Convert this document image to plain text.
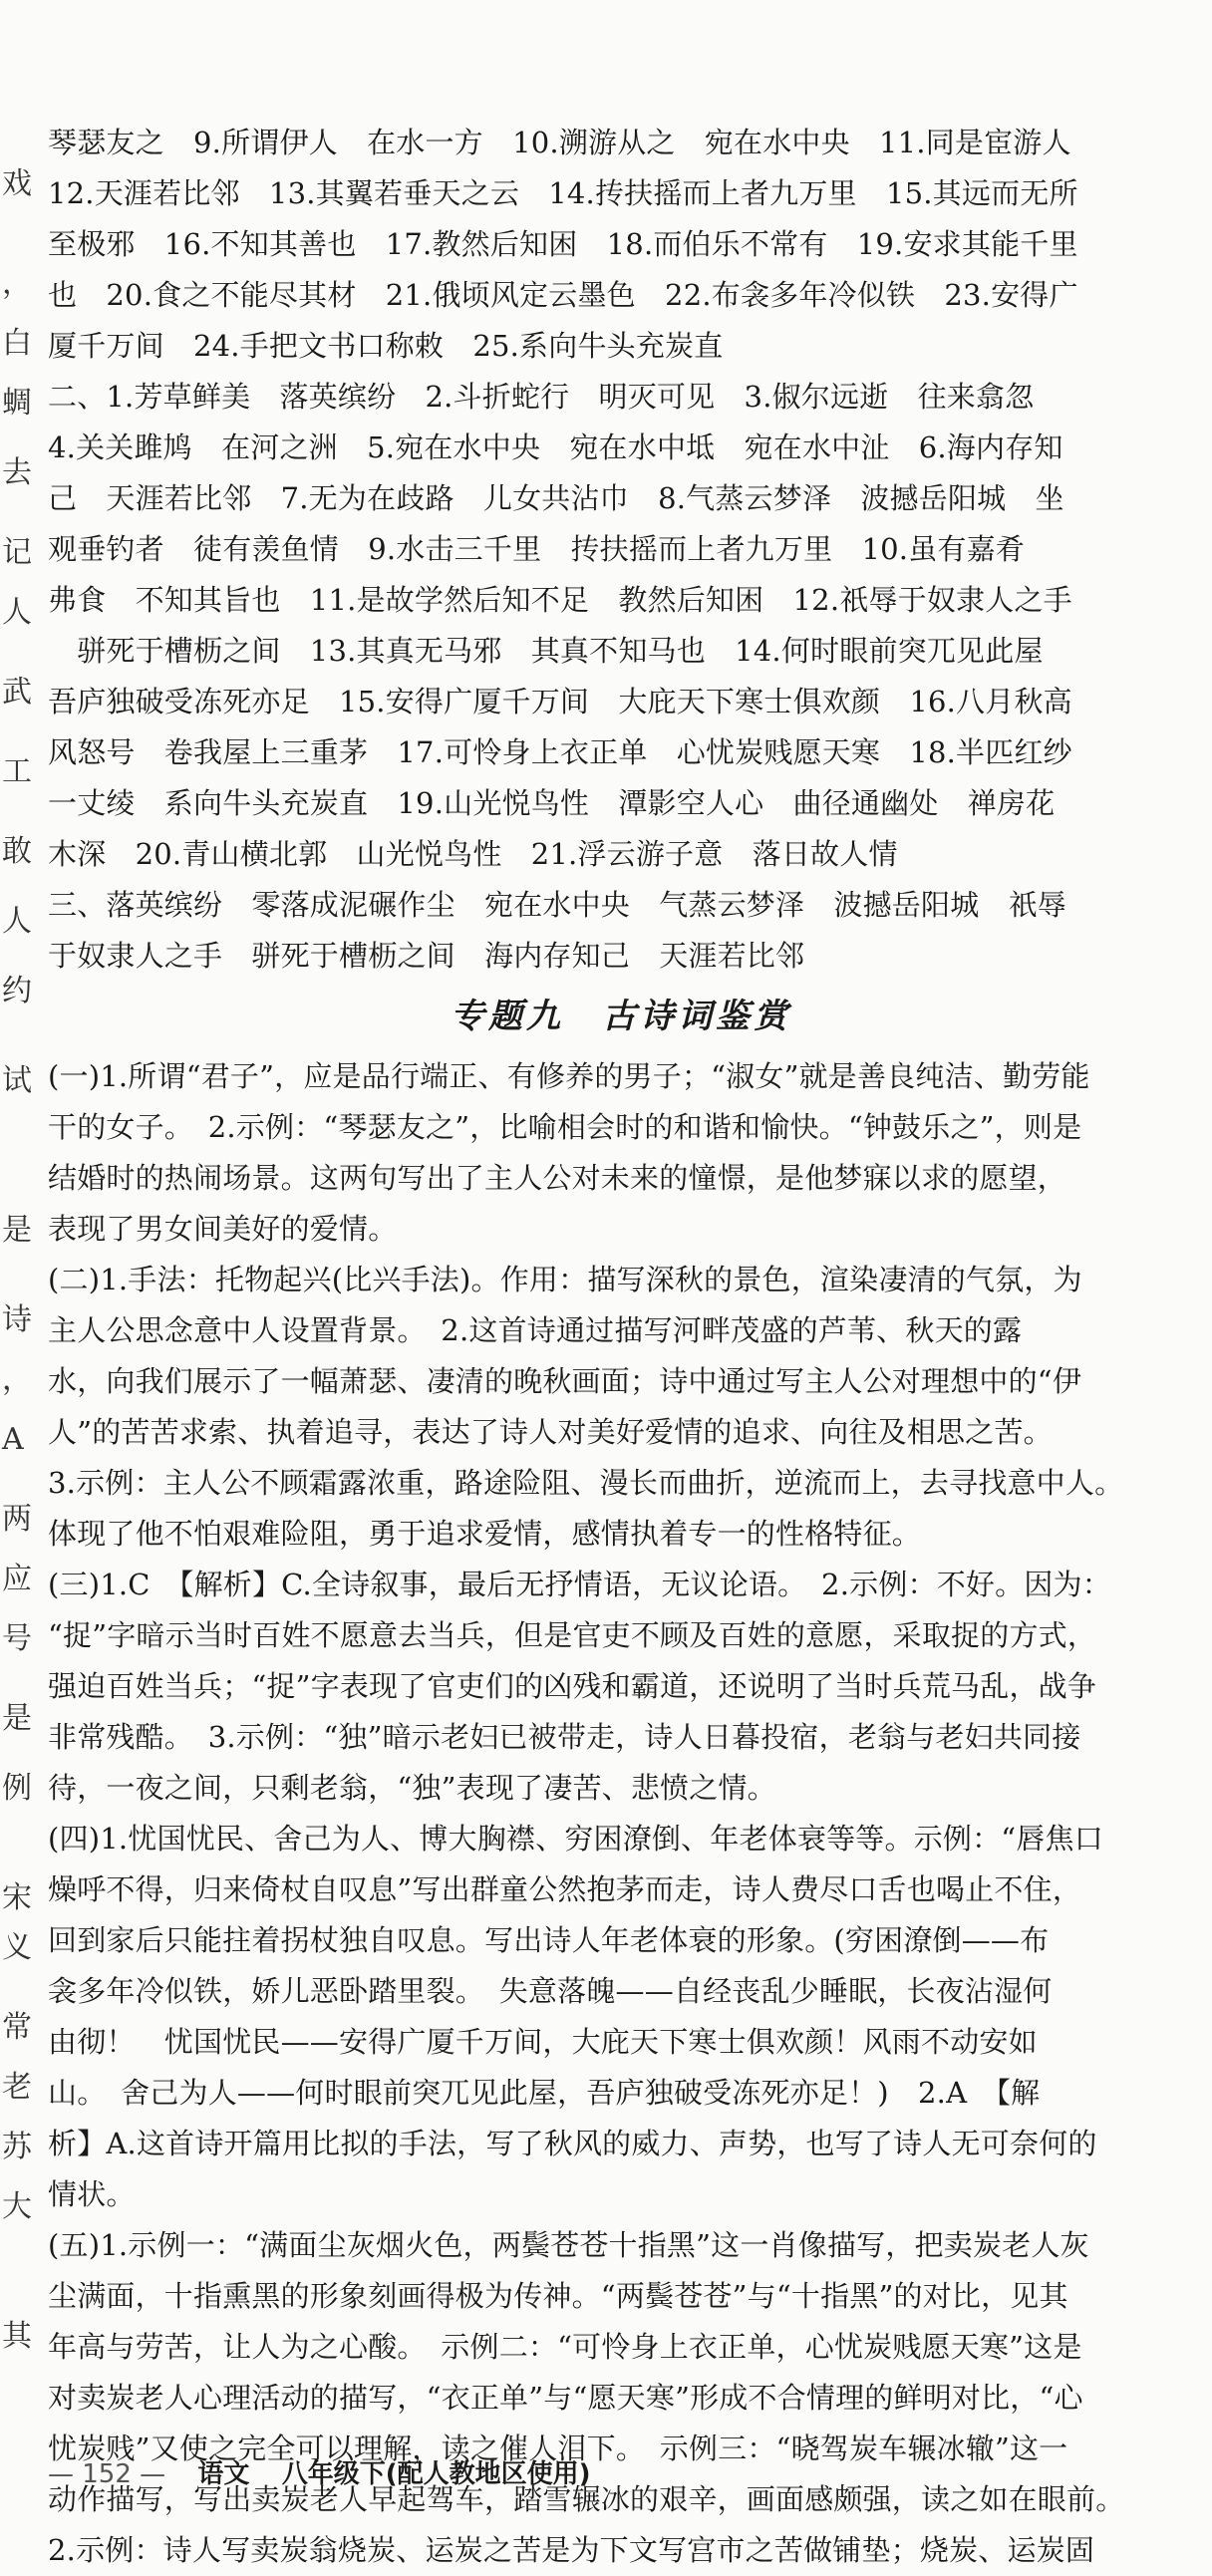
戏
，
白
蜩
去
记
人
武
工
敢
人
约
试
是
诗
，
A
两
应
号
是
例
宋
义
常
老
苏
大
其
琴瑟友之　9.所谓伊人　在水一方　10.溯游从之　宛在水中央　11.同是宦游人
12.天涯若比邻　13.其翼若垂天之云　14.抟扶摇而上者九万里　15.其远而无所
至极邪　16.不知其善也　17.教然后知困　18.而伯乐不常有　19.安求其能千里
也　20.食之不能尽其材　21.俄顷风定云墨色　22.布衾多年冷似铁　23.安得广
厦千万间　24.手把文书口称敕　25.系向牛头充炭直
二、1.芳草鲜美　落英缤纷　2.斗折蛇行　明灭可见　3.俶尔远逝　往来翕忽
4.关关雎鸠　在河之洲　5.宛在水中央　宛在水中坻　宛在水中沚　6.海内存知
己　天涯若比邻　7.无为在歧路　儿女共沾巾　8.气蒸云梦泽　波撼岳阳城　坐
观垂钓者　徒有羡鱼情　9.水击三千里　抟扶摇而上者九万里　10.虽有嘉肴
弗食　不知其旨也　11.是故学然后知不足　教然后知困　12.祇辱于奴隶人之手
　骈死于槽枥之间　13.其真无马邪　其真不知马也　14.何时眼前突兀见此屋
吾庐独破受冻死亦足　15.安得广厦千万间　大庇天下寒士俱欢颜　16.八月秋高
风怒号　卷我屋上三重茅　17.可怜身上衣正单　心忧炭贱愿天寒　18.半匹红纱
一丈绫　系向牛头充炭直　19.山光悦鸟性　潭影空人心　曲径通幽处　禅房花
木深　20.青山横北郭　山光悦鸟性　21.浮云游子意　落日故人情
三、落英缤纷　零落成泥碾作尘　宛在水中央　气蒸云梦泽　波撼岳阳城　祇辱
于奴隶人之手　骈死于槽枥之间　海内存知己　天涯若比邻
专题九　古诗词鉴赏
(一)1.所谓“君子”，应是品行端正、有修养的男子；“淑女”就是善良纯洁、勤劳能
干的女子。　2.示例：“琴瑟友之”，比喻相会时的和谐和愉快。“钟鼓乐之”，则是
结婚时的热闹场景。这两句写出了主人公对未来的憧憬，是他梦寐以求的愿望，
表现了男女间美好的爱情。
(二)1.手法：托物起兴(比兴手法)。作用：描写深秋的景色，渲染凄清的气氛，为
主人公思念意中人设置背景。　2.这首诗通过描写河畔茂盛的芦苇、秋天的露
水，向我们展示了一幅萧瑟、凄清的晚秋画面；诗中通过写主人公对理想中的“伊
人”的苦苦求索、执着追寻，表达了诗人对美好爱情的追求、向往及相思之苦。
3.示例：主人公不顾霜露浓重，路途险阻、漫长而曲折，逆流而上，去寻找意中人。
体现了他不怕艰难险阻，勇于追求爱情，感情执着专一的性格特征。
(三)1.C　【解析】C.全诗叙事，最后无抒情语，无议论语。　2.示例：不好。因为：
“捉”字暗示当时百姓不愿意去当兵，但是官吏不顾及百姓的意愿，采取捉的方式，
强迫百姓当兵；“捉”字表现了官吏们的凶残和霸道，还说明了当时兵荒马乱，战争
非常残酷。　3.示例：“独”暗示老妇已被带走，诗人日暮投宿，老翁与老妇共同接
待，一夜之间，只剩老翁，“独”表现了凄苦、悲愤之情。
(四)1.忧国忧民、舍己为人、博大胸襟、穷困潦倒、年老体衰等等。示例：“唇焦口
燥呼不得，归来倚杖自叹息”写出群童公然抱茅而走，诗人费尽口舌也喝止不住，
回到家后只能拄着拐杖独自叹息。写出诗人年老体衰的形象。(穷困潦倒——布
衾多年冷似铁，娇儿恶卧踏里裂。　失意落魄——自经丧乱少睡眠，长夜沾湿何
由彻！　忧国忧民——安得广厦千万间，大庇天下寒士俱欢颜！风雨不动安如
山。　舍己为人——何时眼前突兀见此屋，吾庐独破受冻死亦足！)　2.A　【解
析】A.这首诗开篇用比拟的手法，写了秋风的威力、声势，也写了诗人无可奈何的
情状。
(五)1.示例一：“满面尘灰烟火色，两鬓苍苍十指黑”这一肖像描写，把卖炭老人灰
尘满面，十指熏黑的形象刻画得极为传神。“两鬓苍苍”与“十指黑”的对比，见其
年高与劳苦，让人为之心酸。　示例二：“可怜身上衣正单，心忧炭贱愿天寒”这是
对卖炭老人心理活动的描写，“衣正单”与“愿天寒”形成不合情理的鲜明对比，“心
忧炭贱”又使之完全可以理解，读之催人泪下。　示例三：“晓驾炭车辗冰辙”这一
动作描写，写出卖炭老人早起驾车，踏雪辗冰的艰辛，画面感颇强，读之如在眼前。
2.示例：诗人写卖炭翁烧炭、运炭之苦是为下文写宫市之苦做铺垫；烧炭、运炭固
— 152 — 语文 八年级下(配人教地区使用)
